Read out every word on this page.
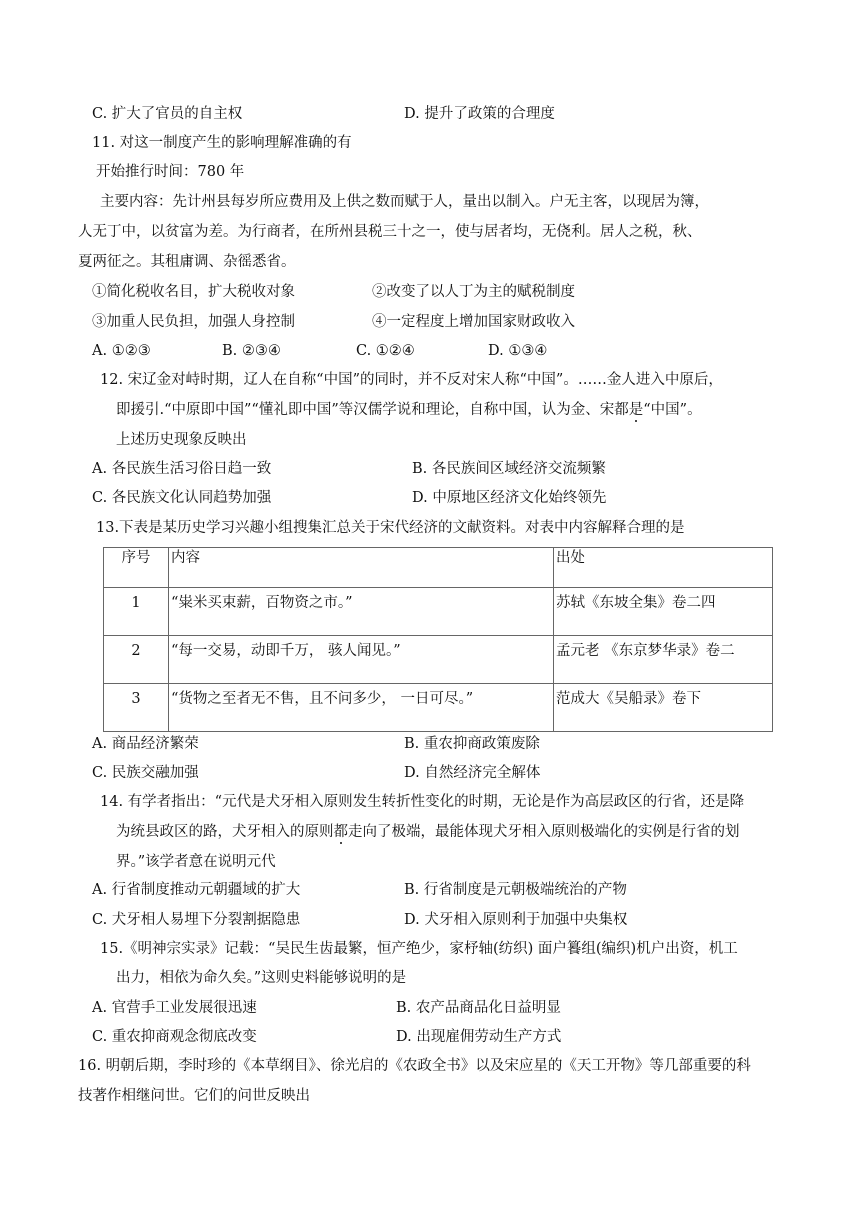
C. 扩大了官员的自主权	D. 提升了政策的合理度
11. 对这一制度产生的影响理解准确的有
开始推行时间：780 年
主要内容：先计州县每岁所应费用及上供之数而赋于人，量出以制入。户无主客，以现居为簿，
人无丁中，以贫富为差。为行商者，在所州县税三十之一，使与居者均，无侥利。居人之税，秋、
夏两征之。其租庸调、杂徭悉省。
①简化税收名目，扩大税收对象	②改变了以人丁为主的赋税制度
③加重人民负担，加强人身控制	④一定程度上增加国家财政收入
A. ①②③	B. ②③④	C. ①②④	D. ①③④
12. 宋辽金对峙时期，辽人在自称“中国”的同时，并不反对宋人称“中国”。……金人进入中原后，
即援引.“中原即中国”“懂礼即中国”等汉儒学说和理论，自称中国，认为金、宋都是“中国”。
上述历史现象反映出
A. 各民族生活习俗日趋一致	B. 各民族间区域经济交流频繁
C. 各民族文化认同趋势加强	D. 中原地区经济文化始终领先
13.下表是某历史学习兴趣小组搜集汇总关于宋代经济的文献资料。对表中内容解释合理的是
序号	内容	出处
1	“粜米买束薪，百物资之市。”	苏轼《东坡全集》卷二四
2	“每一交易，动即千万， 骇人闻见。”	孟元老 《东京梦华录》卷二
3	“货物之至者无不售，且不问多少， 一日可尽。”	范成大《吴船录》卷下
A. 商品经济繁荣	B. 重农抑商政策废除
C. 民族交融加强	D. 自然经济完全解体
14. 有学者指出：“元代是犬牙相入原则发生转折性变化的时期，无论是作为高层政区的行省，还是降
为统县政区的路，犬牙相入的原则都走向了极端，最能体现犬牙相入原则极端化的实例是行省的划
界。”该学者意在说明元代
A. 行省制度推动元朝疆域的扩大	B. 行省制度是元朝极端统治的产物
C. 犬牙相人易埋下分裂割据隐患	D. 犬牙相入原则利于加强中央集权
15.《明神宗实录》记载：“吴民生齿最繁，恒产绝少，家杼轴(纺织) 面户籑组(编织)机户出资，机工
出力，相依为命久矣。”这则史料能够说明的是
A. 官营手工业发展很迅速	B. 农产品商品化日益明显
C. 重农抑商观念彻底改变	D. 出现雇佣劳动生产方式
16. 明朝后期，李时珍的《本草纲目》、徐光启的《农政全书》以及宋应星的《天工开物》等几部重要的科
技著作相继问世。它们的问世反映出
